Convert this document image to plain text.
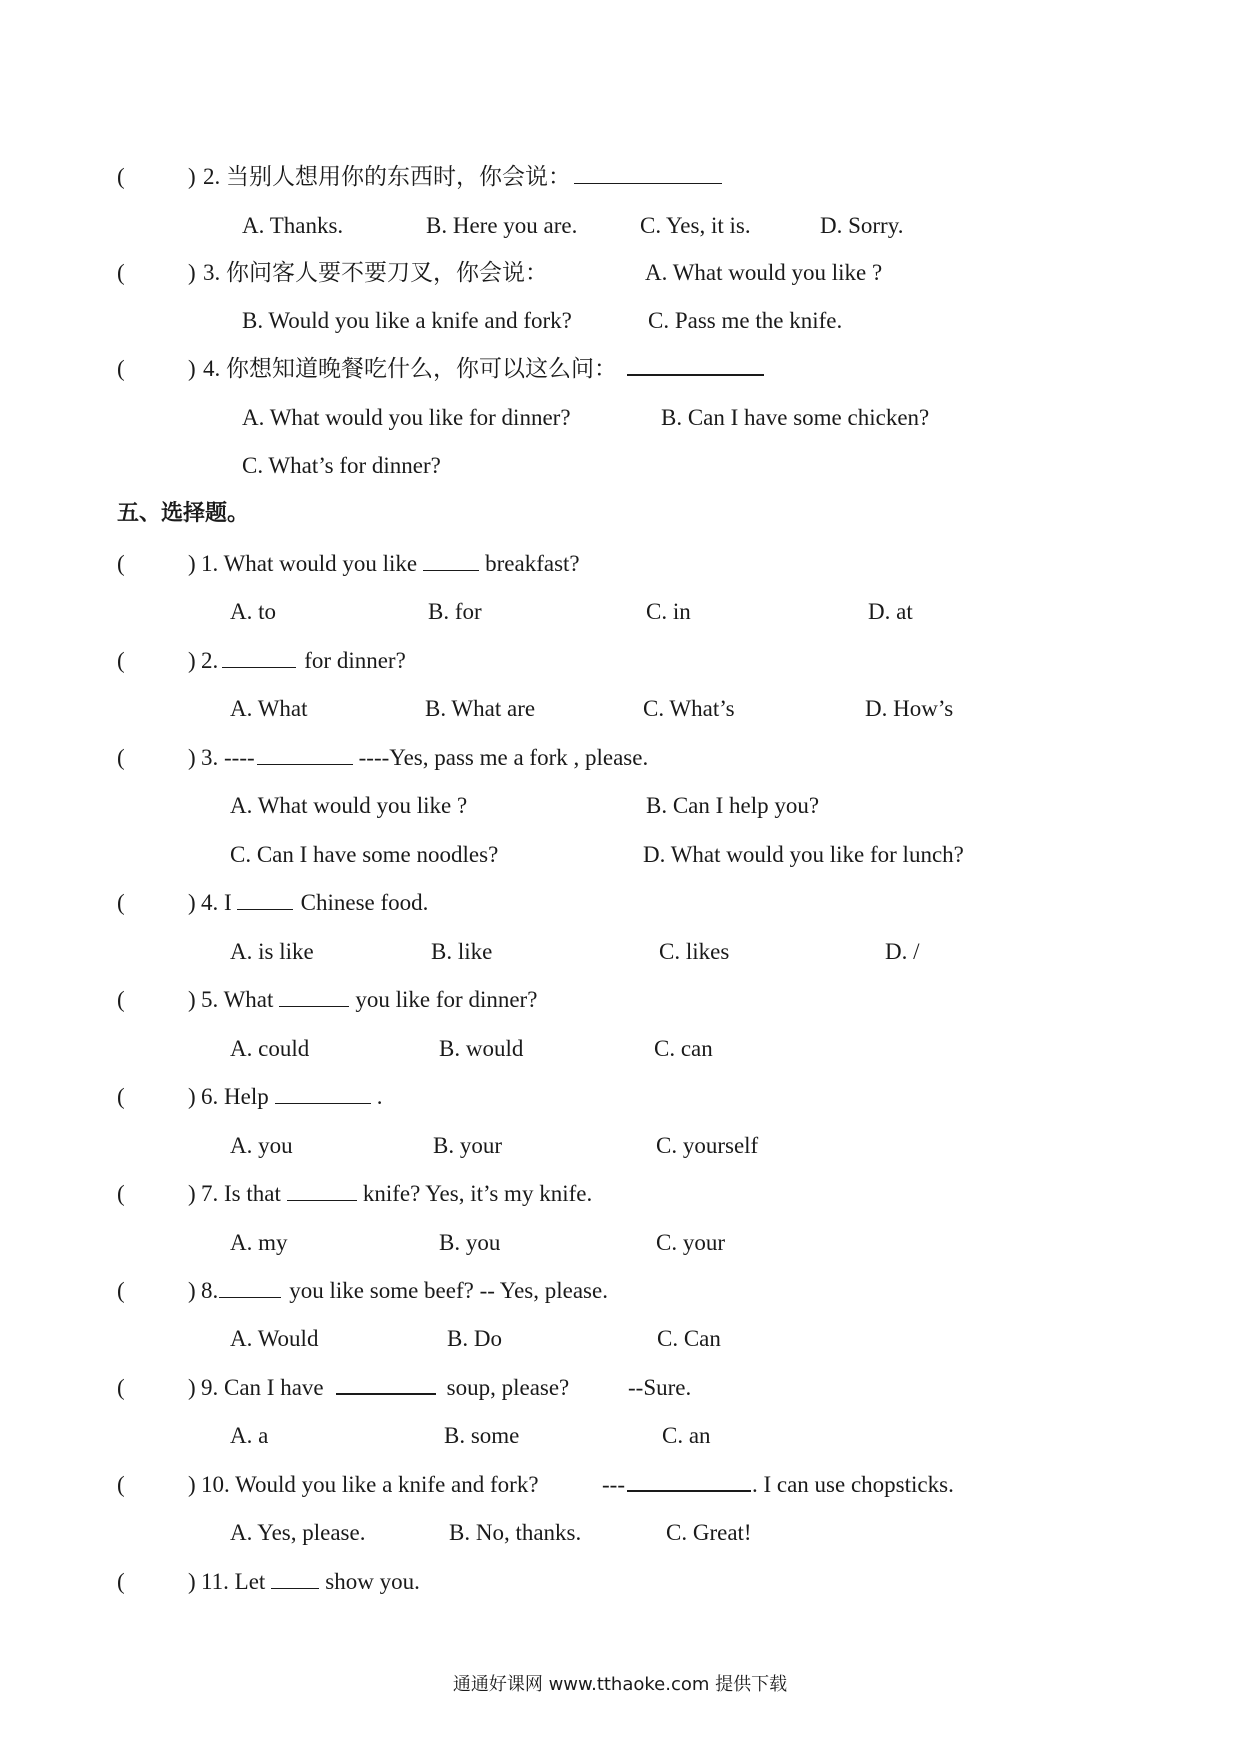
(	) 2. 当别人想用你的东西时，你会说：
A. Thanks.	B. Here you are.	C. Yes, it is.	D. Sorry.
(	) 3. 你问客人要不要刀叉，你会说：	A. What would you like ?
B. Would you like a knife and fork?	C. Pass me the knife.
(	) 4. 你想知道晚餐吃什么，你可以这么问：
A. What would you like for dinner?	B. Can I have some chicken?
C. What’s for dinner?
五、选择题。
(	) 1. What would you like	breakfast?
A. to	B. for	C. in	D. at
(	) 2.	for dinner?
A. What	B. What are	C. What’s	D. How’s
(	) 3. ----	----Yes, pass me a fork , please.
A. What would you like ?	B. Can I help you?
C. Can I have some noodles?	D. What would you like for lunch?
(	) 4. I	Chinese food.
A. is like	B. like	C. likes	D. /
(	) 5. What	you like for dinner?
A. could	B. would	C. can
(	) 6. Help	.
A. you	B. your	C. yourself
(	) 7. Is that	knife? Yes, it’s my knife.
A. my	B. you	C. your
(	) 8.	you like some beef? -- Yes, please.
A. Would	B. Do	C. Can
(	) 9. Can I have	soup, please?	--Sure.
A. a	B. some	C. an
(	) 10. Would you like a knife and fork?	---	. I can use chopsticks.
A. Yes, please.	B. No, thanks.	C. Great!
(	) 11. Let	show you.
通通好课网 www.tthaoke.com 提供下载
